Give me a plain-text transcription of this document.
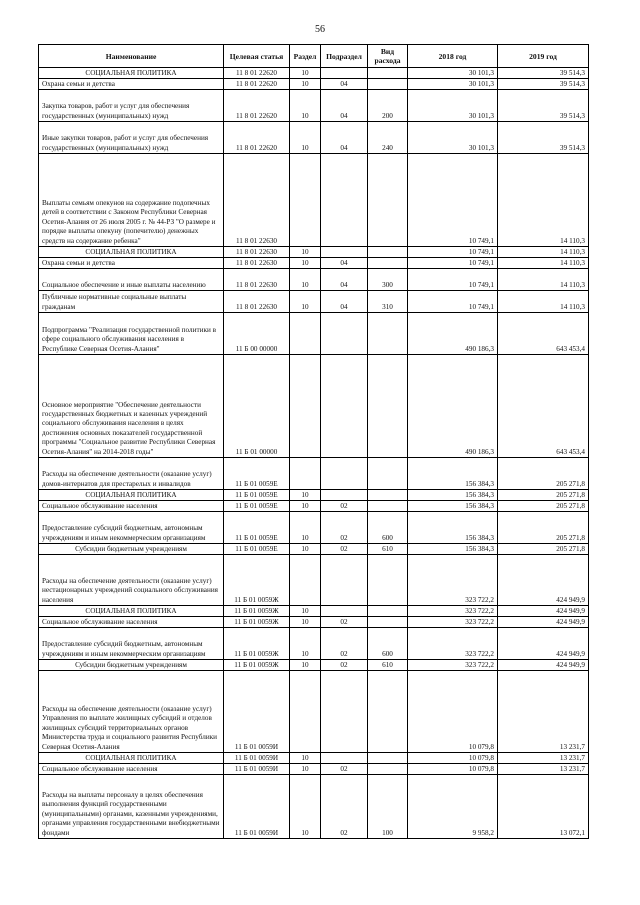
56
Наименование	Целевая статья	Раздел	Подраздел	Вид расхода	2018 год	2019 год
СОЦИАЛЬНАЯ ПОЛИТИКА	11 8 01 22620	10			30 101,3	39 514,3
Охрана семьи и детства	11 8 01 22620	10	04		30 101,3	39 514,3
Закупка товаров, работ и услуг для обеспечения государственных (муниципальных) нужд	11 8 01 22620	10	04	200	30 101,3	39 514,3
Иные закупки товаров, работ и услуг для обеспечения государственных (муниципальных) нужд	11 8 01 22620	10	04	240	30 101,3	39 514,3
Выплаты семьям опекунов на содержание подопечных детей в соответствии с Законом Республики Северная Осетия-Алания от 26 июля 2005 г. № 44-РЗ "О размере и порядке выплаты опекуну (попечителю) денежных средств на содержание ребенка"	11 8 01 22630				10 749,1	14 110,3
СОЦИАЛЬНАЯ ПОЛИТИКА	11 8 01 22630	10			10 749,1	14 110,3
Охрана семьи и детства	11 8 01 22630	10	04		10 749,1	14 110,3
Социальное обеспечение и иные выплаты населению	11 8 01 22630	10	04	300	10 749,1	14 110,3
Публичные нормативные социальные выплаты гражданам	11 8 01 22630	10	04	310	10 749,1	14 110,3
Подпрограмма "Реализация государственной политики в сфере социального обслуживания населения в Республике Северная Осетия-Алания"	11 Б 00 00000				490 186,3	643 453,4
Основное мероприятие "Обеспечение деятельности государственных бюджетных и казенных учреждений социального обслуживания населения в целях достижения основных показателей государственной программы "Социальное развитие Республики Северная Осетия-Алания" на 2014-2018 годы"	11 Б 01 00000				490 186,3	643 453,4
Расходы на обеспечение деятельности (оказание услуг) домов-интернатов для престарелых и инвалидов	11 Б 01 0059Е				156 384,3	205 271,8
СОЦИАЛЬНАЯ ПОЛИТИКА	11 Б 01 0059Е	10			156 384,3	205 271,8
Социальное обслуживание населения	11 Б 01 0059Е	10	02		156 384,3	205 271,8
Предоставление субсидий бюджетным, автономным учреждениям и иным некоммерческим организациям	11 Б 01 0059Е	10	02	600	156 384,3	205 271,8
Субсидии бюджетным учреждениям	11 Б 01 0059Е	10	02	610	156 384,3	205 271,8
Расходы на обеспечение деятельности (оказание услуг) нестационарных учреждений социального обслуживания населения	11 Б 01 0059Ж				323 722,2	424 949,9
СОЦИАЛЬНАЯ ПОЛИТИКА	11 Б 01 0059Ж	10			323 722,2	424 949,9
Социальное обслуживание населения	11 Б 01 0059Ж	10	02		323 722,2	424 949,9
Предоставление субсидий бюджетным, автономным учреждениям и иным некоммерческим организациям	11 Б 01 0059Ж	10	02	600	323 722,2	424 949,9
Субсидии бюджетным учреждениям	11 Б 01 0059Ж	10	02	610	323 722,2	424 949,9
Расходы на обеспечение деятельности (оказание услуг) Управления по выплате жилищных субсидий и отделов жилищных субсидий территориальных органов Министерства труда и социального развития Республики Северная Осетия-Алания	11 Б 01 0059И				10 079,8	13 231,7
СОЦИАЛЬНАЯ ПОЛИТИКА	11 Б 01 0059И	10			10 079,8	13 231,7
Социальное обслуживание населения	11 Б 01 0059И	10	02		10 079,8	13 231,7
Расходы на выплаты персоналу в целях обеспечения выполнения функций государственными (муниципальными) органами, казенными учреждениями, органами управления государственными внебюджетными фондами	11 Б 01 0059И	10	02	100	9 958,2	13 072,1
